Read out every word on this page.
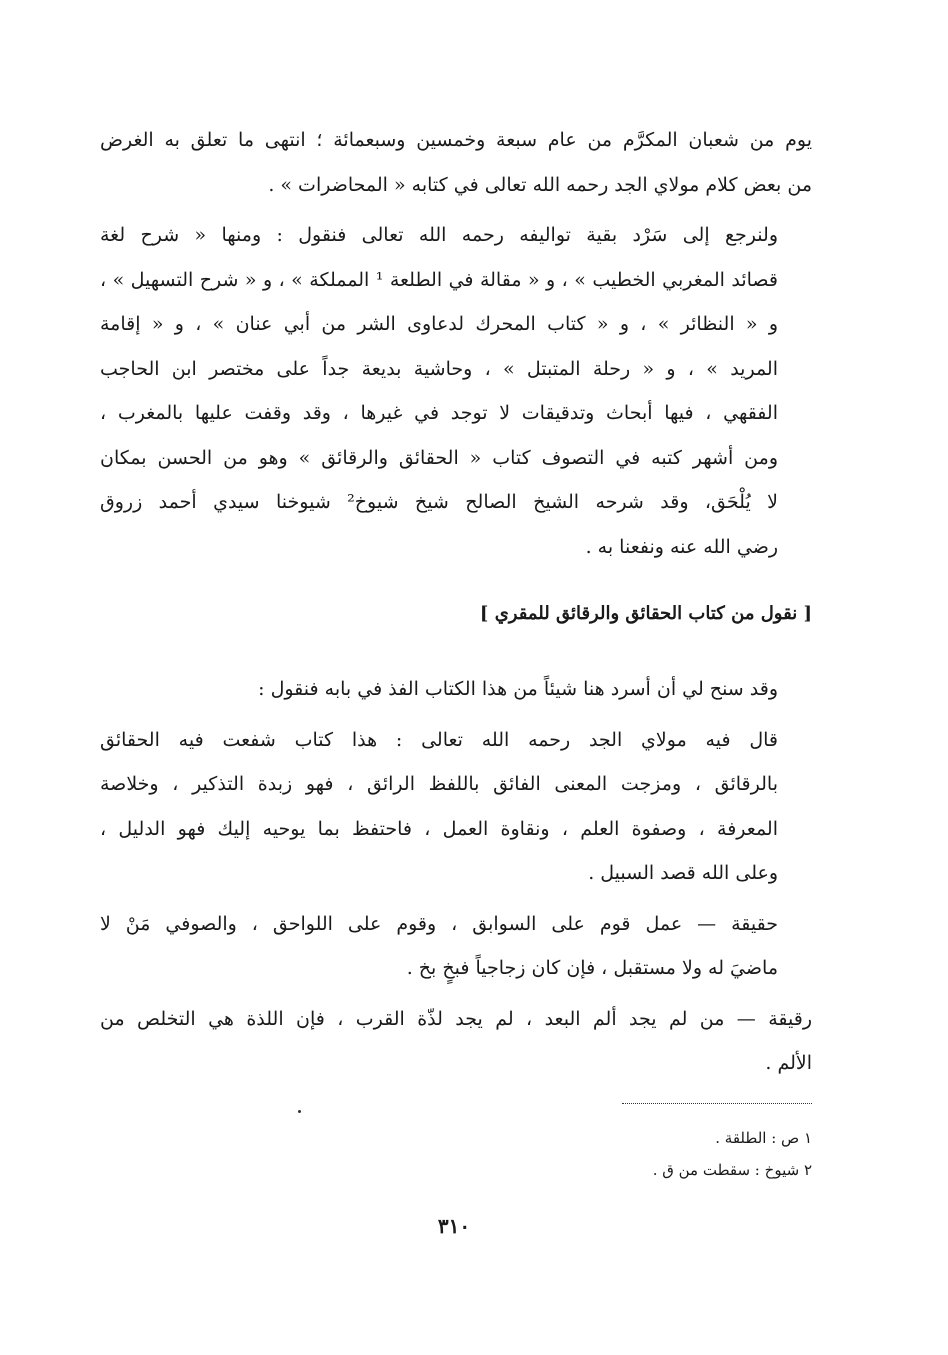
يوم من شعبان المكرَّم من عام سبعة وخمسين وسبعمائة ؛ انتهى ما تعلق به الغرض
من بعض كلام مولاي الجد رحمه الله تعالى في كتابه « المحاضرات » .
ولنرجع إلى سَرْد بقية تواليفه رحمه الله تعالى فنقول : ومنها « شرح لغة
قصائد المغربي الخطيب » ، و « مقالة في الطلعة ¹ المملكة » ، و « شرح التسهيل » ،
و « النظائر » ، و « كتاب المحرك لدعاوى الشر من أبي عنان » ، و « إقامة
المريد » ، و « رحلة المتبتل » ، وحاشية بديعة جداً على مختصر ابن الحاجب
الفقهي ، فيها أبحاث وتدقيقات لا توجد في غيرها ، وقد وقفت عليها بالمغرب ،
ومن أشهر كتبه في التصوف كتاب « الحقائق والرقائق » وهو من الحسن بمكان
لا يُلْحَق، وقد شرحه الشيخ الصالح شيخ شيوخ² شيوخنا سيدي أحمد زروق
رضي الله عنه ونفعنا به .
[ نقول من كتاب الحقائق والرقائق للمقري ]
وقد سنح لي أن أسرد هنا شيئاً من هذا الكتاب الفذ في بابه فنقول :
قال فيه مولاي الجد رحمه الله تعالى : هذا كتاب شفعت فيه الحقائق
بالرقائق ، ومزجت المعنى الفائق باللفظ الرائق ، فهو زبدة التذكير ، وخلاصة
المعرفة ، وصفوة العلم ، ونقاوة العمل ، فاحتفظ بما يوحيه إليك فهو الدليل ،
وعلى الله قصد السبيل .
حقيقة — عمل قوم على السوابق ، وقوم على اللواحق ، والصوفي مَنْ لا
ماضيَ له ولا مستقبل ، فإن كان زجاجياً فبخٍ بخ .
رقيقة — من لم يجد ألم البعد ، لم يجد لذّة القرب ، فإن اللذة هي التخلص من
الألم .
١ ص : الطلقة .
٢ شيوخ : سقطت من ق .
٣١٠
